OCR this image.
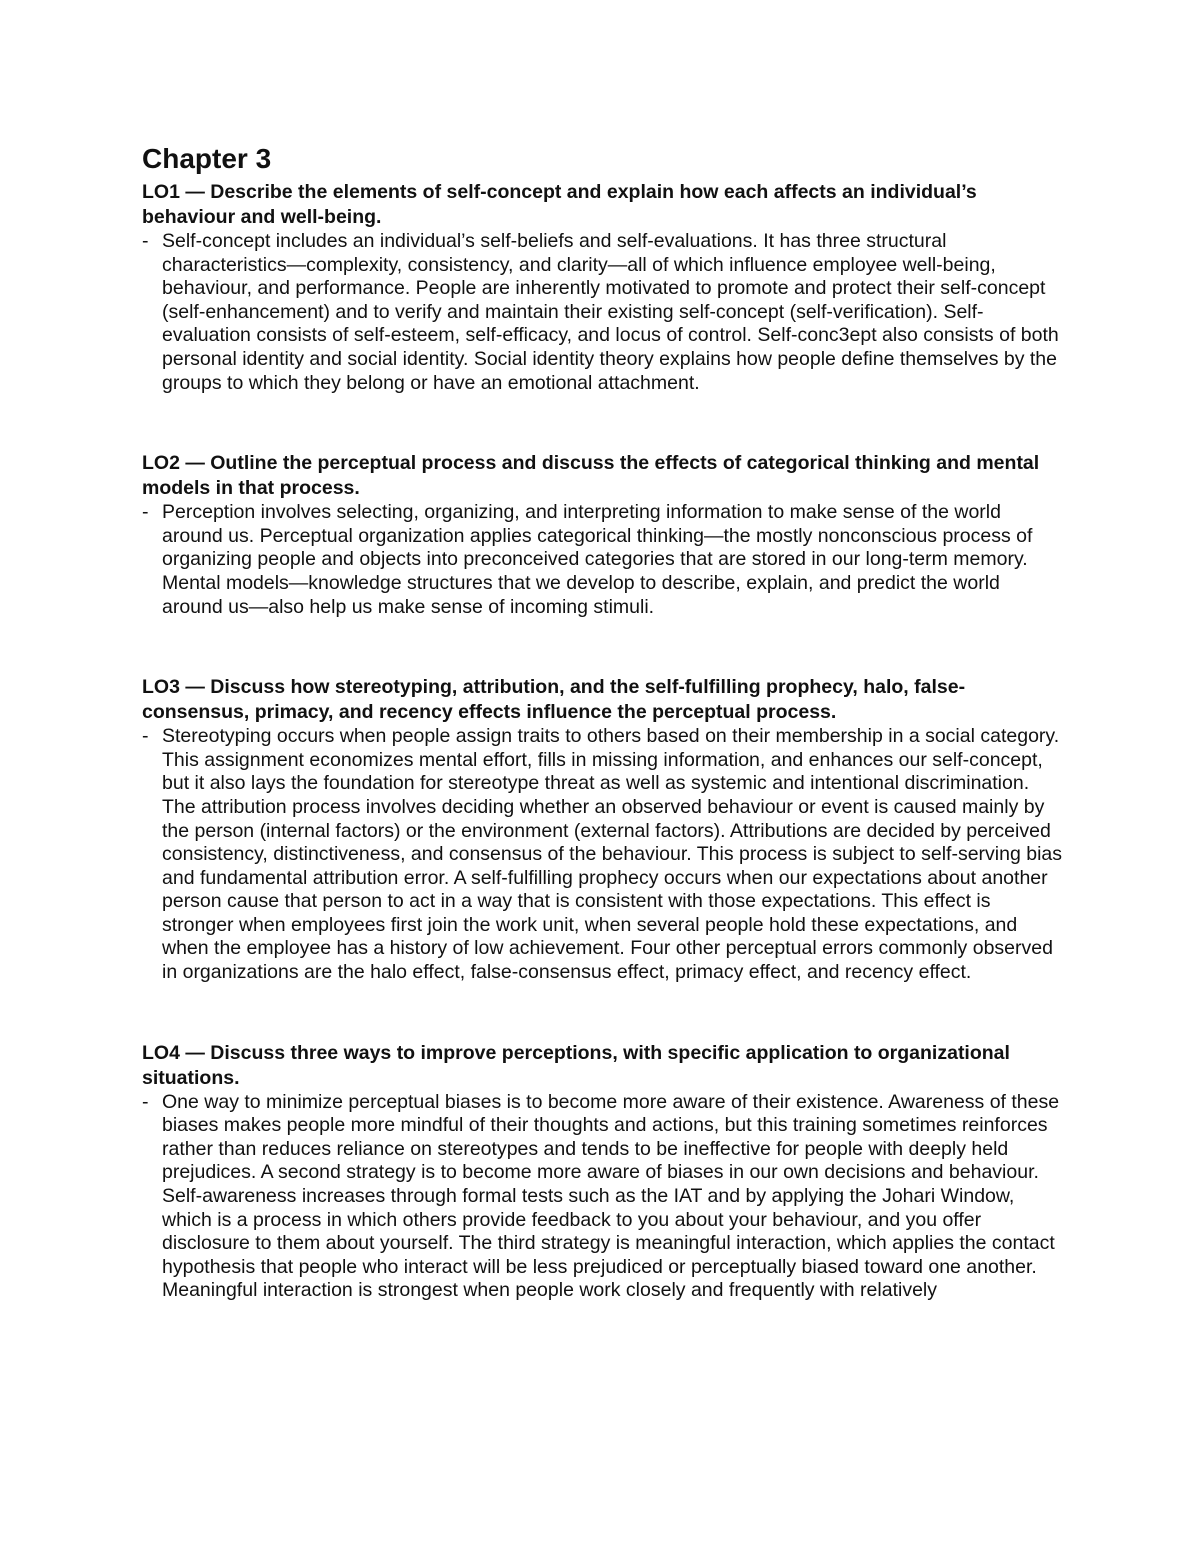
Chapter 3

LO1 — Describe the elements of self-concept and explain how each affects an individual’s behaviour and well-being.

- Self-concept includes an individual’s self-beliefs and self-evaluations. It has three structural characteristics—complexity, consistency, and clarity—all of which influence employee well-being, behaviour, and performance. People are inherently motivated to promote and protect their self-concept (self-enhancement) and to verify and maintain their existing self-concept (self-verification). Self-evaluation consists of self-esteem, self-efficacy, and locus of control. Self-conc3ept also consists of both personal identity and social identity. Social identity theory explains how people define themselves by the groups to which they belong or have an emotional attachment.

LO2 — Outline the perceptual process and discuss the effects of categorical thinking and mental models in that process.

- Perception involves selecting, organizing, and interpreting information to make sense of the world around us. Perceptual organization applies categorical thinking—the mostly nonconscious process of organizing people and objects into preconceived categories that are stored in our long-term memory. Mental models—knowledge structures that we develop to describe, explain, and predict the world around us—also help us make sense of incoming stimuli.

LO3 — Discuss how stereotyping, attribution, and the self-fulfilling prophecy, halo, false-consensus, primacy, and recency effects influence the perceptual process.

- Stereotyping occurs when people assign traits to others based on their membership in a social category. This assignment economizes mental effort, fills in missing information, and enhances our self-concept, but it also lays the foundation for stereotype threat as well as systemic and intentional discrimination. The attribution process involves deciding whether an observed behaviour or event is caused mainly by the person (internal factors) or the environment (external factors). Attributions are decided by perceived consistency, distinctiveness, and consensus of the behaviour. This process is subject to self-serving bias and fundamental attribution error. A self-fulfilling prophecy occurs when our expectations about another person cause that person to act in a way that is consistent with those expectations. This effect is stronger when employees first join the work unit, when several people hold these expectations, and when the employee has a history of low achievement. Four other perceptual errors commonly observed in organizations are the halo effect, false-consensus effect, primacy effect, and recency effect.

LO4 — Discuss three ways to improve perceptions, with specific application to organizational situations.

- One way to minimize perceptual biases is to become more aware of their existence. Awareness of these biases makes people more mindful of their thoughts and actions, but this training sometimes reinforces rather than reduces reliance on stereotypes and tends to be ineffective for people with deeply held prejudices. A second strategy is to become more aware of biases in our own decisions and behaviour. Self-awareness increases through formal tests such as the IAT and by applying the Johari Window, which is a process in which others provide feedback to you about your behaviour, and you offer disclosure to them about yourself. The third strategy is meaningful interaction, which applies the contact hypothesis that people who interact will be less prejudiced or perceptually biased toward one another. Meaningful interaction is strongest when people work closely and frequently with relatively
